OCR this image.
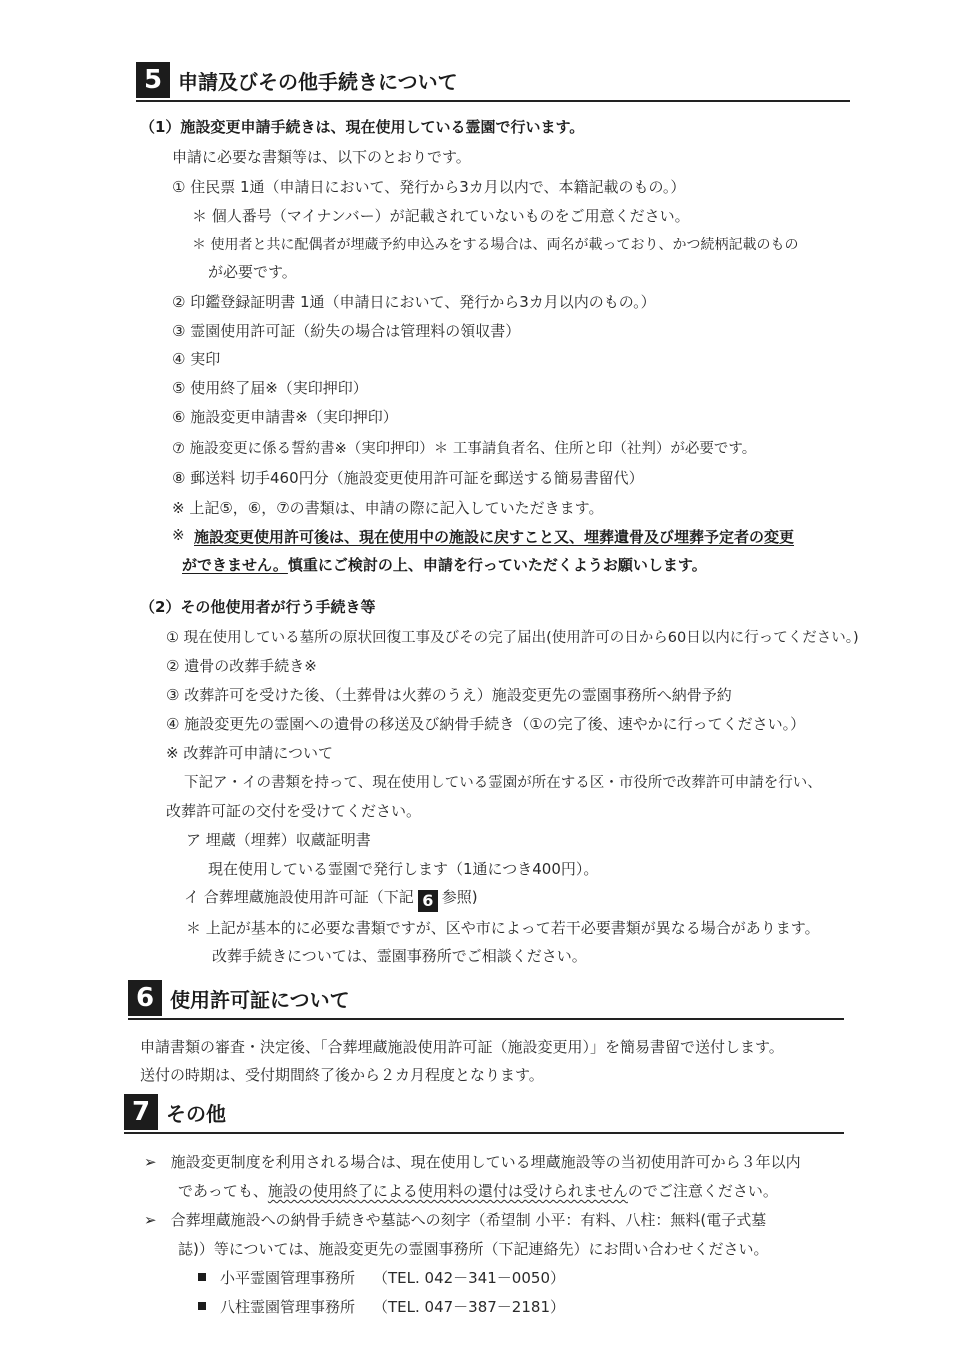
5 申請及びその他手続きについて
（1）施設変更申請手続きは、現在使用している霊園で行います。
申請に必要な書類等は、以下のとおりです。
① 住民票 1通（申請日において、発行から3カ月以内で、本籍記載のもの。）
＊ 個人番号（マイナンバー）が記載されていないものをご用意ください。
＊ 使用者と共に配偶者が埋蔵予約申込みをする場合は、両名が載っており、かつ続柄記載のもの
が必要です。
② 印鑑登録証明書 1通（申請日において、発行から3カ月以内のもの。）
③ 霊園使用許可証（紛失の場合は管理料の領収書）
④ 実印
⑤ 使用終了届※（実印押印）
⑥ 施設変更申請書※（実印押印）
⑦ 施設変更に係る誓約書※（実印押印）＊ 工事請負者名、住所と印（社判）が必要です。
⑧ 郵送料 切手460円分（施設変更使用許可証を郵送する簡易書留代）
※ 上記⑤，⑥，⑦の書類は、申請の際に記入していただきます。
※ 施設変更使用許可後は、現在使用中の施設に戻すこと又、埋葬遺骨及び埋葬予定者の変更
ができません。慎重にご検討の上、申請を行っていただくようお願いします。
（2）その他使用者が行う手続き等
① 現在使用している墓所の原状回復工事及びその完了届出(使用許可の日から60日以内に行ってください。)
② 遺骨の改葬手続き※
③ 改葬許可を受けた後、（土葬骨は火葬のうえ）施設変更先の霊園事務所へ納骨予約
④ 施設変更先の霊園への遺骨の移送及び納骨手続き（①の完了後、速やかに行ってください。）
※ 改葬許可申請について
下記ア・イの書類を持って、現在使用している霊園が所在する区・市役所で改葬許可申請を行い、
改葬許可証の交付を受けてください。
ア 埋蔵（埋葬）収蔵証明書
現在使用している霊園で発行します（1通につき400円）。
イ 合葬埋蔵施設使用許可証（下記 6 参照)
＊ 上記が基本的に必要な書類ですが、区や市によって若干必要書類が異なる場合があります。
改葬手続きについては、霊園事務所でご相談ください。
6 使用許可証について
申請書類の審査・決定後、「合葬埋蔵施設使用許可証（施設変更用）」を簡易書留で送付します。
送付の時期は、受付期間終了後から２カ月程度となります。
7 その他
➢ 施設変更制度を利用される場合は、現在使用している埋蔵施設等の当初使用許可から３年以内
であっても、施設の使用終了による使用料の還付は受けられませんのでご注意ください。
➢ 合葬埋蔵施設への納骨手続きや墓誌への刻字（希望制 小平：有料、八柱：無料(電子式墓
誌)）等については、施設変更先の霊園事務所（下記連絡先）にお問い合わせください。
小平霊園管理事務所 （TEL. 042－341－0050）
八柱霊園管理事務所 （TEL. 047－387－2181）
